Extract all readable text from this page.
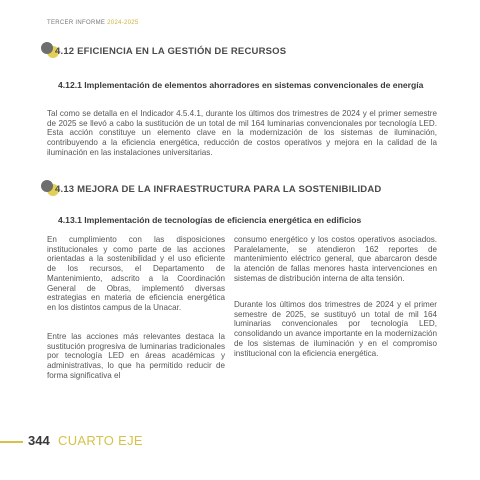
TERCER INFORME 2024-2025
4.12 EFICIENCIA EN LA GESTIÓN DE RECURSOS
4.12.1 Implementación de elementos ahorradores en sistemas convencionales de energía

Tal como se detalla en el Indicador 4.5.4.1, durante los últimos dos trimestres de 2024 y el primer semestre de 2025 se llevó a cabo la sustitución de un total de mil 164 luminarias convencionales por tecnología LED. Esta acción constituye un elemento clave en la modernización de los sistemas de iluminación, contribuyendo a la eficiencia energética, reducción de costos operativos y mejora en la calidad de la iluminación en las instalaciones universitarias.

4.13 MEJORA DE LA INFRAESTRUCTURA PARA LA SOSTENIBILIDAD
4.13.1 Implementación de tecnologías de eficiencia energética en edificios

En cumplimiento con las disposiciones institucionales y como parte de las acciones orientadas a la sostenibilidad y el uso eficiente de los recursos, el Departamento de Mantenimiento, adscrito a la Coordinación General de Obras, implementó diversas estrategias en materia de eficiencia energética en los distintos campus de la Unacar.

Entre las acciones más relevantes destaca la sustitución progresiva de luminarias tradicionales por tecnología LED en áreas académicas y administrativas, lo que ha permitido reducir de forma significativa el

consumo energético y los costos operativos asociados. Paralelamente, se atendieron 162 reportes de mantenimiento eléctrico general, que abarcaron desde la atención de fallas menores hasta intervenciones en sistemas de distribución interna de alta tensión.

Durante los últimos dos trimestres de 2024 y el primer semestre de 2025, se sustituyó un total de mil 164 luminarias convencionales por tecnología LED, consolidando un avance importante en la modernización de los sistemas de iluminación y en el compromiso institucional con la eficiencia energética.

344 CUARTO EJE
